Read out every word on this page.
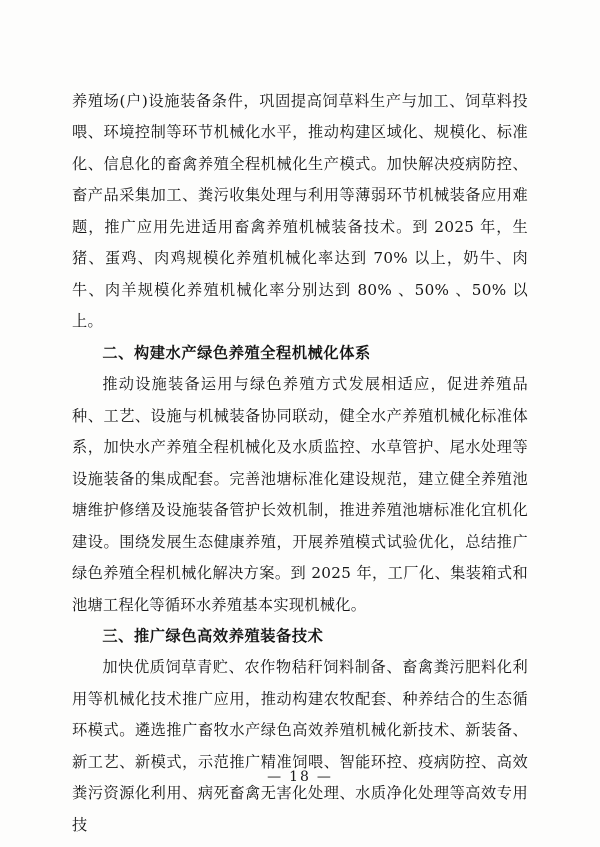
养殖场(户)设施装备条件，巩固提高饲草料生产与加工、饲草料投喂、环境控制等环节机械化水平，推动构建区域化、规模化、标准化、信息化的畜禽养殖全程机械化生产模式。加快解决疫病防控、畜产品采集加工、粪污收集处理与利用等薄弱环节机械装备应用难题，推广应用先进适用畜禽养殖机械装备技术。到 2025 年，生猪、蛋鸡、肉鸡规模化养殖机械化率达到 70% 以上，奶牛、肉牛、肉羊规模化养殖机械化率分别达到 80% 、50% 、50% 以上。

二、构建水产绿色养殖全程机械化体系

推动设施装备运用与绿色养殖方式发展相适应，促进养殖品种、工艺、设施与机械装备协同联动，健全水产养殖机械化标准体系，加快水产养殖全程机械化及水质监控、水草管护、尾水处理等设施装备的集成配套。完善池塘标准化建设规范，建立健全养殖池塘维护修缮及设施装备管护长效机制，推进养殖池塘标准化宜机化建设。围绕发展生态健康养殖，开展养殖模式试验优化，总结推广绿色养殖全程机械化解决方案。到 2025 年，工厂化、集装箱式和池塘工程化等循环水养殖基本实现机械化。

三、推广绿色高效养殖装备技术

加快优质饲草青贮、农作物秸秆饲料制备、畜禽粪污肥料化利用等机械化技术推广应用，推动构建农牧配套、种养结合的生态循环模式。遴选推广畜牧水产绿色高效养殖机械化新技术、新装备、新工艺、新模式，示范推广精准饲喂、智能环控、疫病防控、高效粪污资源化利用、病死畜禽无害化处理、水质净化处理等高效专用技

— 18 —
